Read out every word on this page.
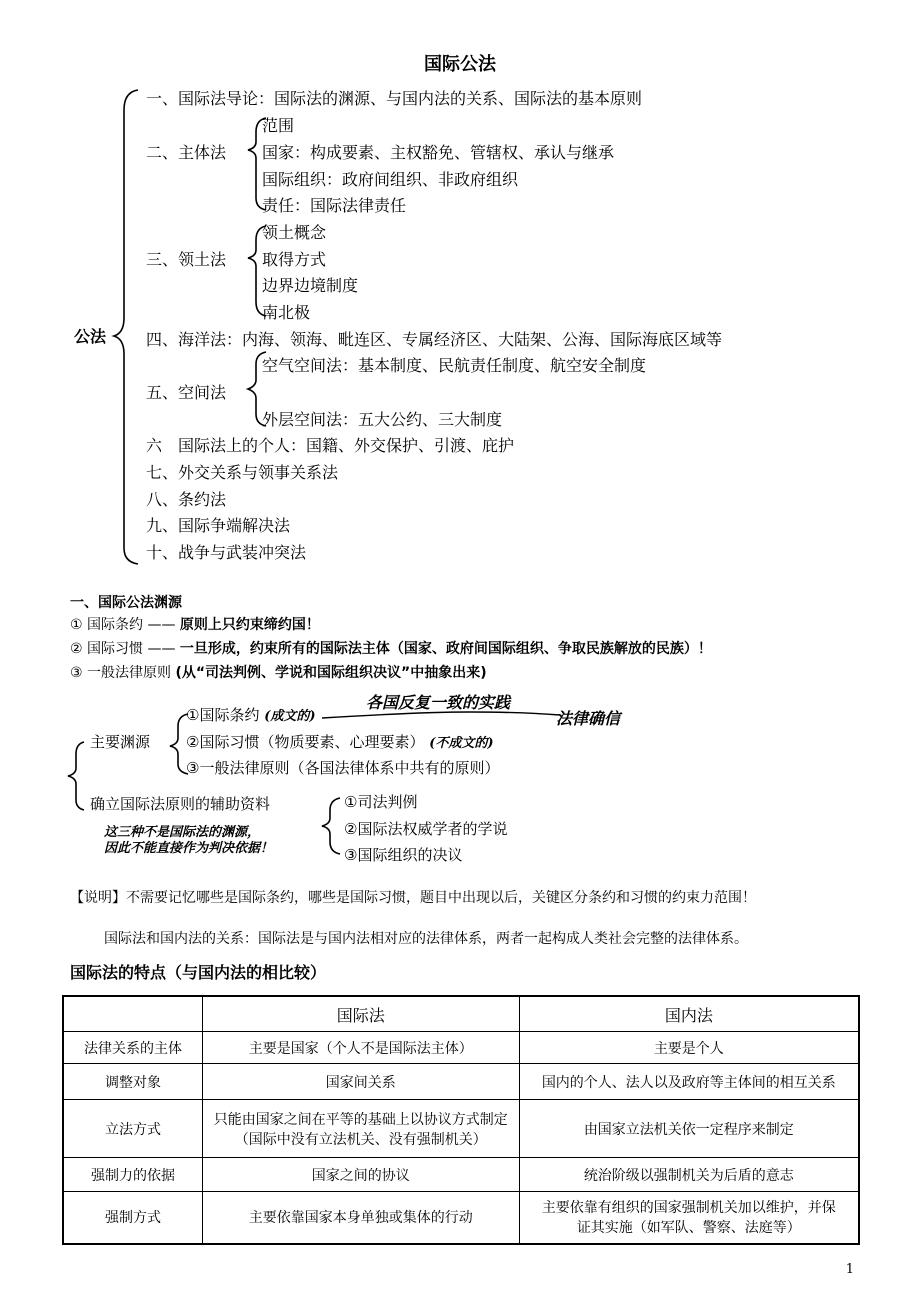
国际公法
公法
一、国际法导论：国际法的渊源、与国内法的关系、国际法的基本原则
二、主体法
范围
国家：构成要素、主权豁免、管辖权、承认与继承
国际组织：政府间组织、非政府组织
责任：国际法律责任
三、领土法
领土概念
取得方式
边界边境制度
南北极
四、海洋法：内海、领海、毗连区、专属经济区、大陆架、公海、国际海底区域等
五、空间法
空气空间法：基本制度、民航责任制度、航空安全制度
外层空间法：五大公约、三大制度
六　国际法上的个人：国籍、外交保护、引渡、庇护
七、外交关系与领事关系法
八、条约法
九、国际争端解决法
十、战争与武装冲突法
一、国际公法渊源
① 国际条约 —— 原则上只约束缔约国！
② 国际习惯 —— 一旦形成，约束所有的国际法主体（国家、政府间国际组织、争取民族解放的民族）！
③ 一般法律原则 (从“司法判例、学说和国际组织决议”中抽象出来)
主要渊源
①国际条约 (成文的)
②国际习惯（物质要素、心理要素） (不成文的)
③一般法律原则（各国法律体系中共有的原则）
各国反复一致的实践
法律确信
确立国际法原则的辅助资料	①司法判例
②国际法权威学者的学说
③国际组织的决议
这三种不是国际法的渊源，
因此不能直接作为判决依据！
【说明】不需要记忆哪些是国际条约，哪些是国际习惯，题目中出现以后，关键区分条约和习惯的约束力范围！
国际法和国内法的关系：国际法是与国内法相对应的法律体系，两者一起构成人类社会完整的法律体系。
国际法的特点（与国内法的相比较）
	国际法	国内法
法律关系的主体	主要是国家（个人不是国际法主体）	主要是个人
调整对象	国家间关系	国内的个人、法人以及政府等主体间的相互关系
立法方式	只能由国家之间在平等的基础上以协议方式制定（国际中没有立法机关、没有强制机关）	由国家立法机关依一定程序来制定
强制力的依据	国家之间的协议	统治阶级以强制机关为后盾的意志
强制方式	主要依靠国家本身单独或集体的行动	主要依靠有组织的国家强制机关加以维护，并保证其实施（如军队、警察、法庭等）
1
